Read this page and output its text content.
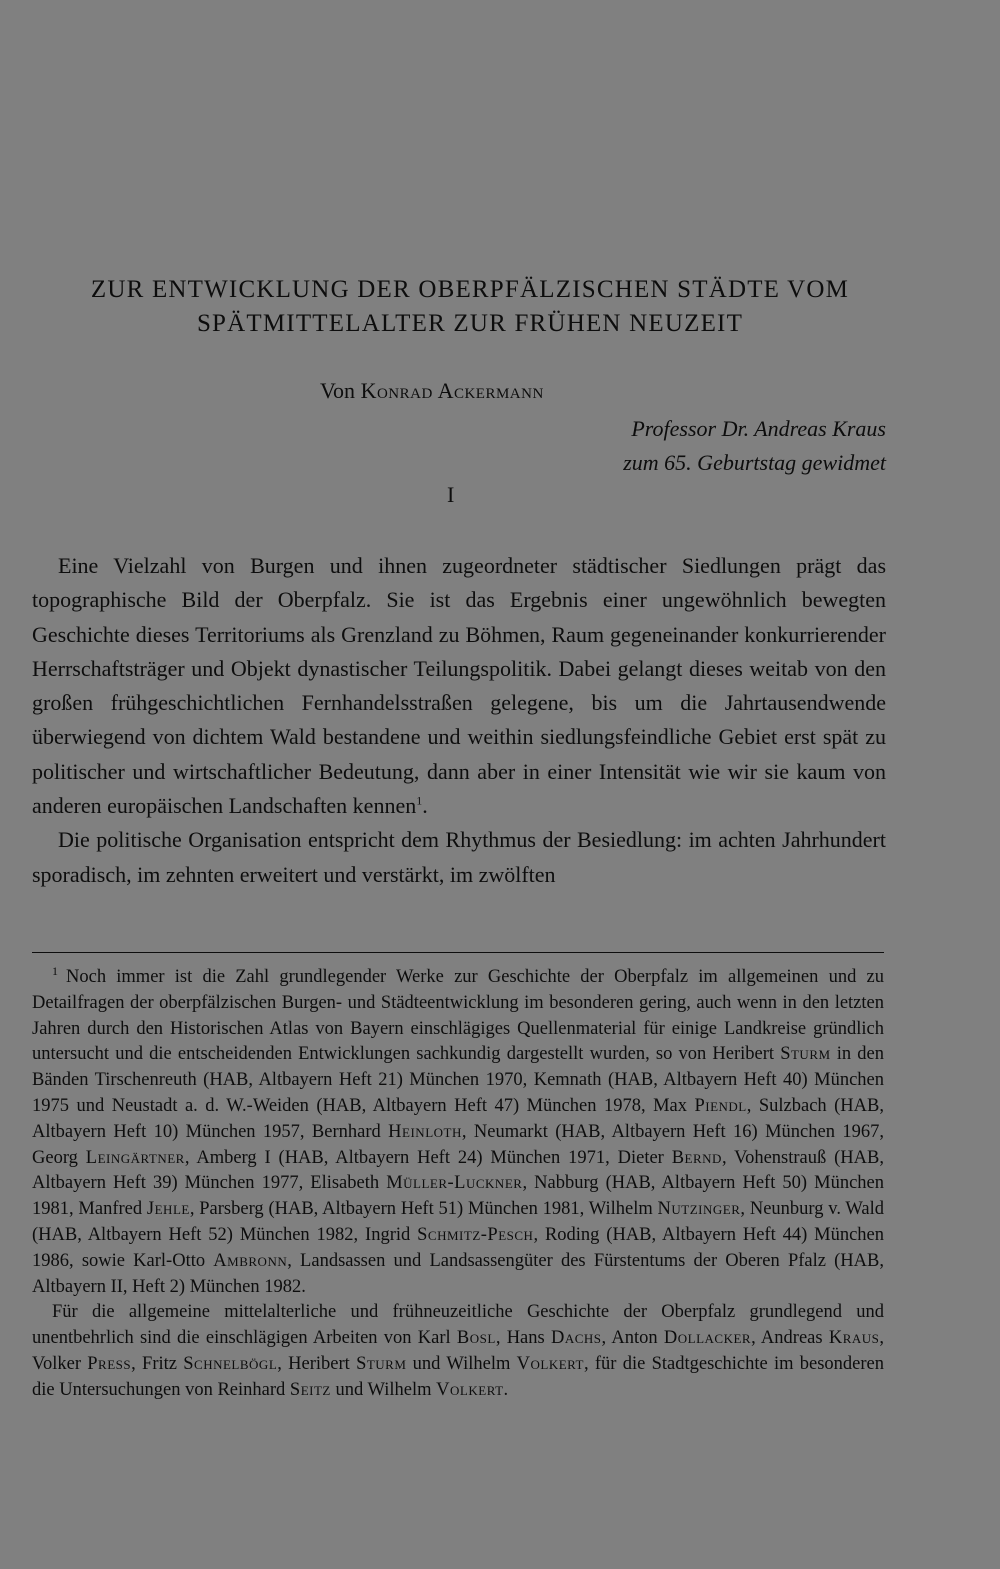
ZUR ENTWICKLUNG DER OBERPFÄLZISCHEN STÄDTE VOM
SPÄTMITTELALTER ZUR FRÜHEN NEUZEIT
Von Konrad Ackermann
Professor Dr. Andreas Kraus
zum 65. Geburtstag gewidmet
I

Eine Vielzahl von Burgen und ihnen zugeordneter städtischer Siedlungen prägt das topographische Bild der Oberpfalz. Sie ist das Ergebnis einer ungewöhnlich bewegten Geschichte dieses Territoriums als Grenzland zu Böhmen, Raum gegeneinander konkurrierender Herrschaftsträger und Objekt dynastischer Teilungspolitik. Dabei gelangt dieses weitab von den großen frühgeschichtlichen Fernhandelsstraßen gelegene, bis um die Jahrtausendwende überwiegend von dichtem Wald bestandene und weithin siedlungsfeindliche Gebiet erst spät zu politischer und wirtschaftlicher Bedeutung, dann aber in einer Intensität wie wir sie kaum von anderen europäischen Landschaften kennen$^1$.

Die politische Organisation entspricht dem Rhythmus der Besiedlung: im achten Jahrhundert sporadisch, im zehnten erweitert und verstärkt, im zwölften

$^1$ Noch immer ist die Zahl grundlegender Werke zur Geschichte der Oberpfalz im allgemeinen und zu Detailfragen der oberpfälzischen Burgen- und Städteentwicklung im besonderen gering, auch wenn in den letzten Jahren durch den Historischen Atlas von Bayern einschlägiges Quellenmaterial für einige Landkreise gründlich untersucht und die entscheidenden Entwicklungen sachkundig dargestellt wurden, so von Heribert Sturm in den Bänden Tirschenreuth (HAB, Altbayern Heft 21) München 1970, Kemnath (HAB, Altbayern Heft 40) München 1975 und Neustadt a. d. W.-Weiden (HAB, Altbayern Heft 47) München 1978, Max Piendl, Sulzbach (HAB, Altbayern Heft 10) München 1957, Bernhard Heinloth, Neumarkt (HAB, Altbayern Heft 16) München 1967, Georg Leingärtner, Amberg I (HAB, Altbayern Heft 24) München 1971, Dieter Bernd, Vohenstrauß (HAB, Altbayern Heft 39) München 1977, Elisabeth Müller-Luckner, Nabburg (HAB, Altbayern Heft 50) München 1981, Manfred Jehle, Parsberg (HAB, Altbayern Heft 51) München 1981, Wilhelm Nutzinger, Neunburg v. Wald (HAB, Altbayern Heft 52) München 1982, Ingrid Schmitz-Pesch, Roding (HAB, Altbayern Heft 44) München 1986, sowie Karl-Otto Ambronn, Landsassen und Landsassengüter des Fürstentums der Oberen Pfalz (HAB, Altbayern II, Heft 2) München 1982.

Für die allgemeine mittelalterliche und frühneuzeitliche Geschichte der Oberpfalz grundlegend und unentbehrlich sind die einschlägigen Arbeiten von Karl Bosl, Hans Dachs, Anton Dollacker, Andreas Kraus, Volker Press, Fritz Schnelbögl, Heribert Sturm und Wilhelm Volkert, für die Stadtgeschichte im besonderen die Untersuchungen von Reinhard Seitz und Wilhelm Volkert.
